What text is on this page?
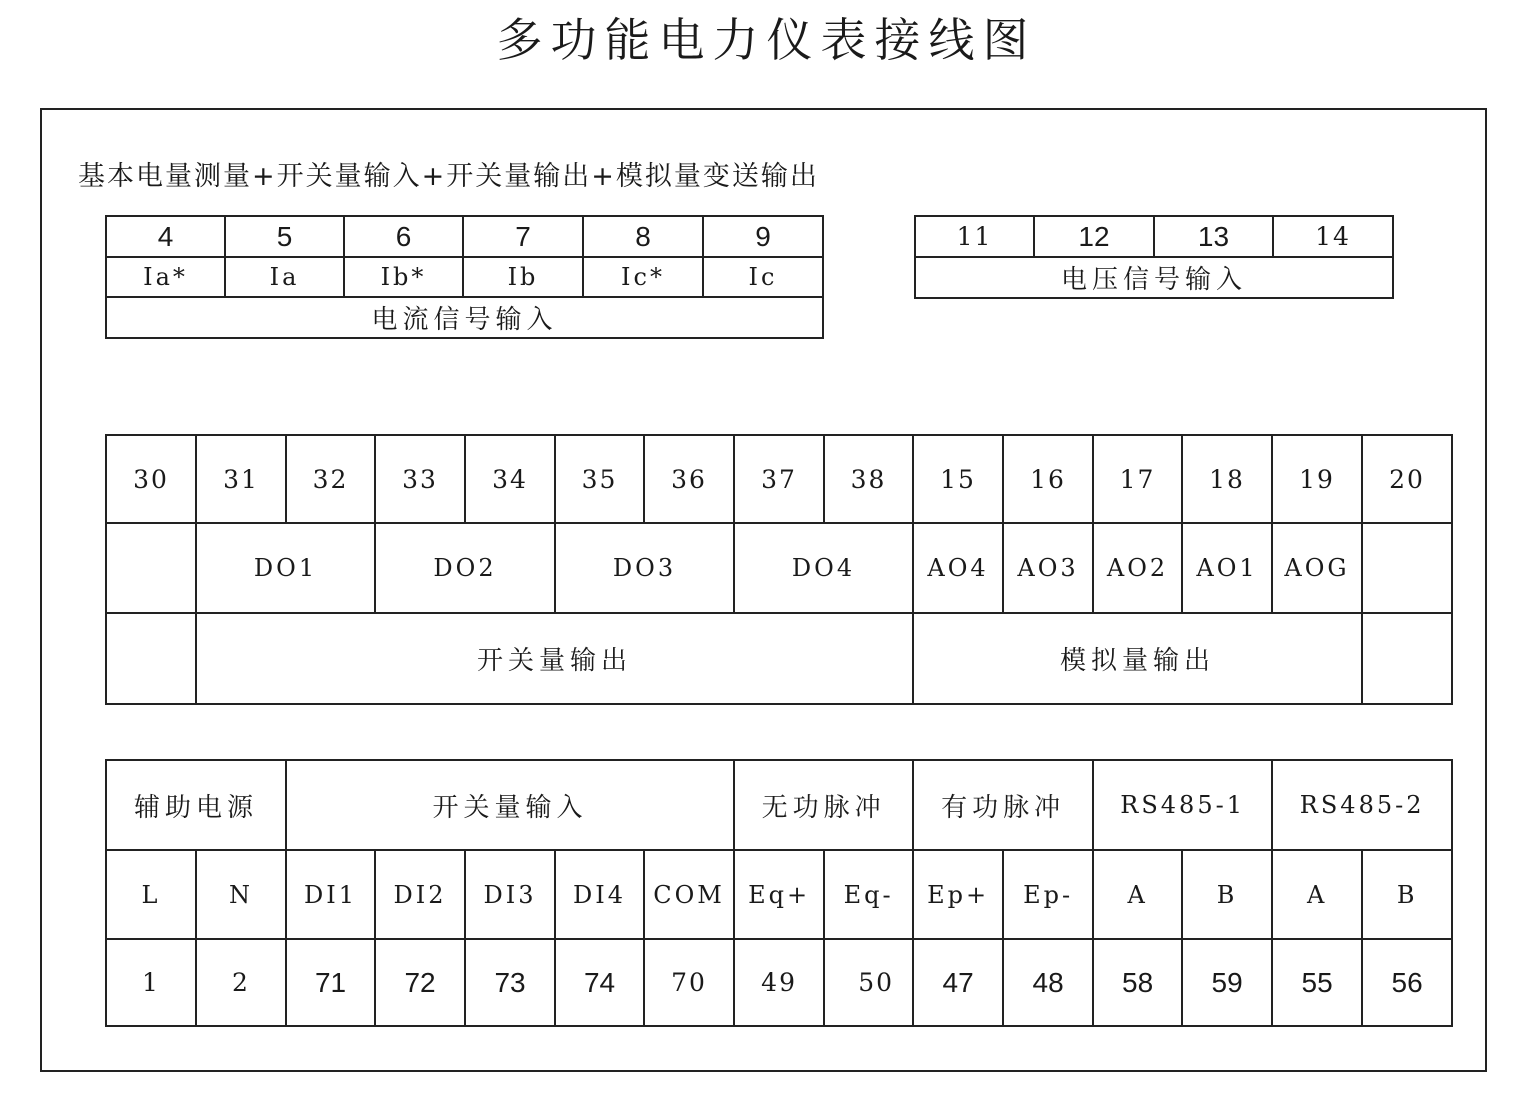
多功能电力仪表接线图
基本电量测量+开关量输入+开关量输出+模拟量变送输出
4	5	6	7	8	9
Ia*	Ia	Ib*	Ib	Ic*	Ic
电流信号输入					
11	12	13	14
电压信号输入
30	31	32	33	34	35	36	37	38	15	16	17	18	19	20
	DO1		DO2		DO3		DO4		AO4	AO3	AO2	AO1	AOG	
	开关量输出								模拟量输出					
辅助电源		开关量输入					无功脉冲		有功脉冲		RS485-1		RS485-2	
L	N	DI1	DI2	DI3	DI4	COM	Eq+	Eq-	Ep+	Ep-	A	B	A	B
1	2	71	72	73	74	70	49	50	47	48	58	59	55	56
